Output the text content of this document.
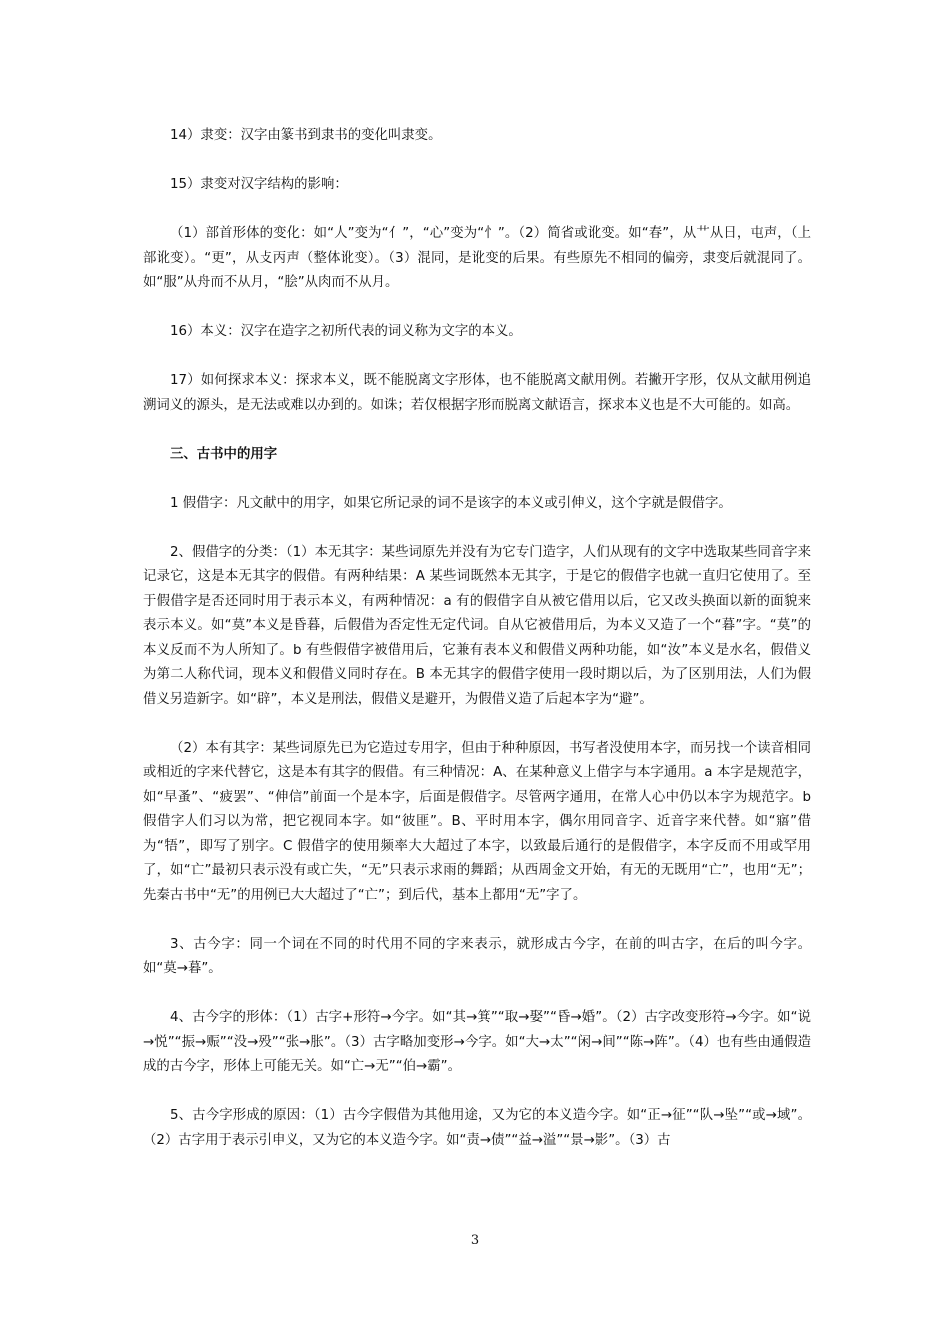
14）隶变：汉字由篆书到隶书的变化叫隶变。

15）隶变对汉字结构的影响：

（1）部首形体的变化：如“人”变为“亻”，“心”变为“忄”。（2）简省或讹变。如“春”，从艹从日，屯声，（上部讹变）。“更”，从攴丙声（整体讹变）。（3）混同，是讹变的后果。有些原先不相同的偏旁，隶变后就混同了。如“服”从舟而不从月，“脍”从肉而不从月。

16）本义：汉字在造字之初所代表的词义称为文字的本义。

17）如何探求本义：探求本义，既不能脱离文字形体，也不能脱离文献用例。若撇开字形，仅从文献用例追溯词义的源头，是无法或难以办到的。如诛；若仅根据字形而脱离文献语言，探求本义也是不大可能的。如高。

三、古书中的用字

1 假借字：凡文献中的用字，如果它所记录的词不是该字的本义或引伸义，这个字就是假借字。

2、假借字的分类：（1）本无其字：某些词原先并没有为它专门造字，人们从现有的文字中选取某些同音字来记录它，这是本无其字的假借。有两种结果：A 某些词既然本无其字，于是它的假借字也就一直归它使用了。至于假借字是否还同时用于表示本义，有两种情况：a 有的假借字自从被它借用以后，它又改头换面以新的面貌来表示本义。如“莫”本义是昏暮，后假借为否定性无定代词。自从它被借用后，为本义又造了一个“暮”字。“莫”的本义反而不为人所知了。b 有些假借字被借用后，它兼有表本义和假借义两种功能，如“汝”本义是水名，假借义为第二人称代词，现本义和假借义同时存在。B 本无其字的假借字使用一段时期以后，为了区别用法，人们为假借义另造新字。如“辟”，本义是刑法，假借义是避开，为假借义造了后起本字为“避”。

（2）本有其字：某些词原先已为它造过专用字，但由于种种原因，书写者没使用本字，而另找一个读音相同或相近的字来代替它，这是本有其字的假借。有三种情况：A、在某种意义上借字与本字通用。a 本字是规范字，如“早蚤”、“疲罢”、“伸信”前面一个是本字，后面是假借字。尽管两字通用，在常人心中仍以本字为规范字。b 假借字人们习以为常，把它视同本字。如“彼匪”。B、平时用本字，偶尔用同音字、近音字来代替。如“寤”借为“牾”，即写了别字。C 假借字的使用频率大大超过了本字，以致最后通行的是假借字，本字反而不用或罕用了，如“亡”最初只表示没有或亡失，“无”只表示求雨的舞蹈；从西周金文开始，有无的无既用“亡”，也用“无”；先秦古书中“无”的用例已大大超过了“亡”；到后代，基本上都用“无”字了。

3、古今字：同一个词在不同的时代用不同的字来表示，就形成古今字，在前的叫古字，在后的叫今字。如“莫→暮”。

4、古今字的形体：（1）古字+形符→今字。如“其→箕”“取→娶”“昏→婚”。（2）古字改变形符→今字。如“说→悦”“振→赈”“没→殁”“张→胀”。（3）古字略加变形→今字。如“大→太”“闲→间”“陈→阵”。（4）也有些由通假造成的古今字，形体上可能无关。如“亡→无”“伯→霸”。

5、古今字形成的原因：（1）古今字假借为其他用途，又为它的本义造今字。如“正→征”“队→坠”“或→域”。（2）古字用于表示引申义，又为它的本义造今字。如“责→债”“益→溢”“景→影”。（3）古

3
